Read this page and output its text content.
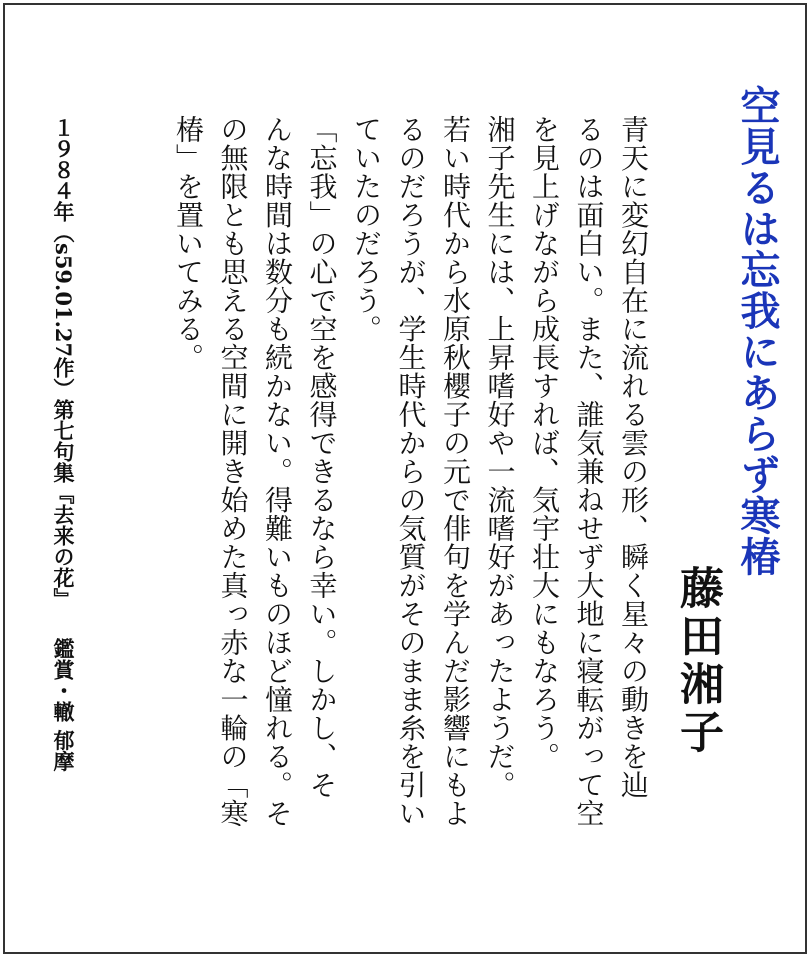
空見るは忘我にあらず寒椿
藤田湘子
青天に変幻自在に流れる雲の形、瞬く星々の動きを辿
るのは面白い。また、誰気兼ねせず大地に寝転がって空
を見上げながら成長すれば、気宇壮大にもなろう。
湘子先生には、上昇嗜好や一流嗜好があったようだ。
若い時代から水原秋櫻子の元で俳句を学んだ影響にもよ
るのだろうが、学生時代からの気質がそのまま糸を引い
ていたのだろう。
「忘我」の心で空を感得できるなら幸い。しかし、そ
んな時間は数分も続かない。得難いものほど憧れる。そ
の無限とも思える空間に開き始めた真っ赤な一輪の「寒
椿」を置いてみる。
１９８４年（s59.01.27作）第七句集『去来の花』 鑑賞・轍 郁摩
